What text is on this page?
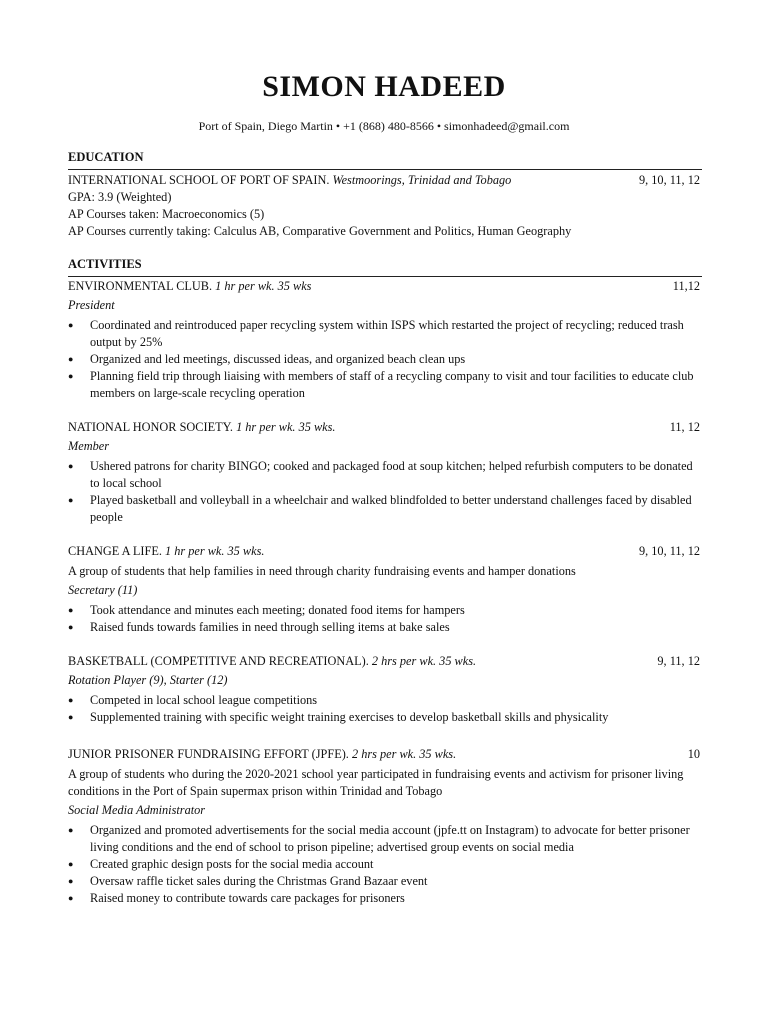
SIMON HADEED
Port of Spain, Diego Martin • +1 (868) 480-8566 • simonhadeed@gmail.com
EDUCATION
INTERNATIONAL SCHOOL OF PORT OF SPAIN. Westmoorings, Trinidad and Tobago	9, 10, 11, 12
GPA: 3.9 (Weighted)
AP Courses taken: Macroeconomics (5)
AP Courses currently taking: Calculus AB, Comparative Government and Politics, Human Geography
ACTIVITIES
ENVIRONMENTAL CLUB. 1 hr per wk. 35 wks	11,12
President
● Coordinated and reintroduced paper recycling system within ISPS which restarted the project of recycling; reduced trash output by 25%
● Organized and led meetings, discussed ideas, and organized beach clean ups
● Planning field trip through liaising with members of staff of a recycling company to visit and tour facilities to educate club members on large-scale recycling operation
NATIONAL HONOR SOCIETY. 1 hr per wk. 35 wks.	11, 12
Member
● Ushered patrons for charity BINGO; cooked and packaged food at soup kitchen; helped refurbish computers to be donated to local school
● Played basketball and volleyball in a wheelchair and walked blindfolded to better understand challenges faced by disabled people
CHANGE A LIFE. 1 hr per wk. 35 wks.	9, 10, 11, 12
A group of students that help families in need through charity fundraising events and hamper donations
Secretary (11)
● Took attendance and minutes each meeting; donated food items for hampers
● Raised funds towards families in need through selling items at bake sales
BASKETBALL (COMPETITIVE AND RECREATIONAL). 2 hrs per wk. 35 wks.	9, 11, 12
Rotation Player (9), Starter (12)
● Competed in local school league competitions
● Supplemented training with specific weight training exercises to develop basketball skills and physicality
JUNIOR PRISONER FUNDRAISING EFFORT (JPFE). 2 hrs per wk. 35 wks.	10
A group of students who during the 2020-2021 school year participated in fundraising events and activism for prisoner living conditions in the Port of Spain supermax prison within Trinidad and Tobago
Social Media Administrator
● Organized and promoted advertisements for the social media account (jpfe.tt on Instagram) to advocate for better prisoner living conditions and the end of school to prison pipeline; advertised group events on social media
● Created graphic design posts for the social media account
● Oversaw raffle ticket sales during the Christmas Grand Bazaar event
● Raised money to contribute towards care packages for prisoners
